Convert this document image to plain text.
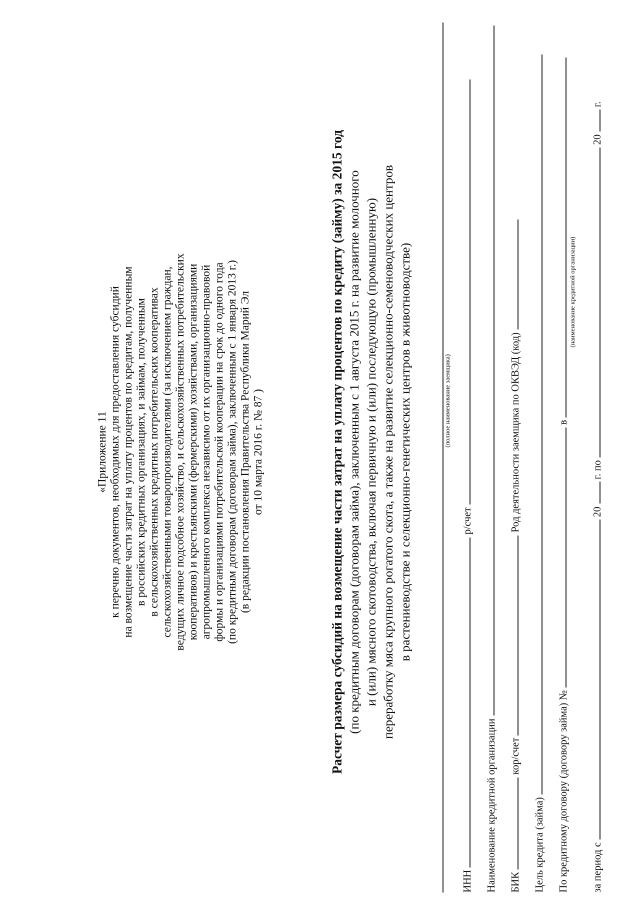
«Приложение 11 к перечню документов, необходимых для предоставления субсидий на возмещение части затрат на уплату процентов по кредитам, полученным в российских кредитных организациях, и займам, полученным в сельскохозяйственных кредитных потребительских кооперативах сельскохозяйственными товаропроизводителями (за исключением граждан, ведущих личное подсобное хозяйство, и сельскохозяйственных потребительских кооперативов) и крестьянскими (фермерскими) хозяйствами, организациями агропромышленного комплекса независимо от их организационно-правовой формы и организациями потребительской кооперации на срок до одного года (по кредитным договорам (договорам займа), заключенным с 1 января 2013 г.) (в редакции постановления Правительства Республики Марий Эл от 10 марта 2016 г. № 87 )	Расчет размера субсидий на возмещение части затрат на уплату процентов по кредиту (займу) за 2015 год (по кредитным договорам (договорам займа), заключенным с 1 августа 2015 г. на развитие молочного и (или) мясного скотоводства, включая первичную и (или) последующую (промышленную) переработку мяса крупного рогатого скота, а также на развитие селекционно-семеноводческих центров в растениеводстве и селекционно-генетических центров в животноводстве)	(полное наименование заемщика)
ИНН  р/счет
Наименование кредитной организации	БИК  кор/счет  Род деятельности заемщика по ОКВЭД (код)
Цель кредита (займа)	По кредитному договору (договору займа) №  в
(наименование кредитной организации)
за период с  20  г. по  20  г.
